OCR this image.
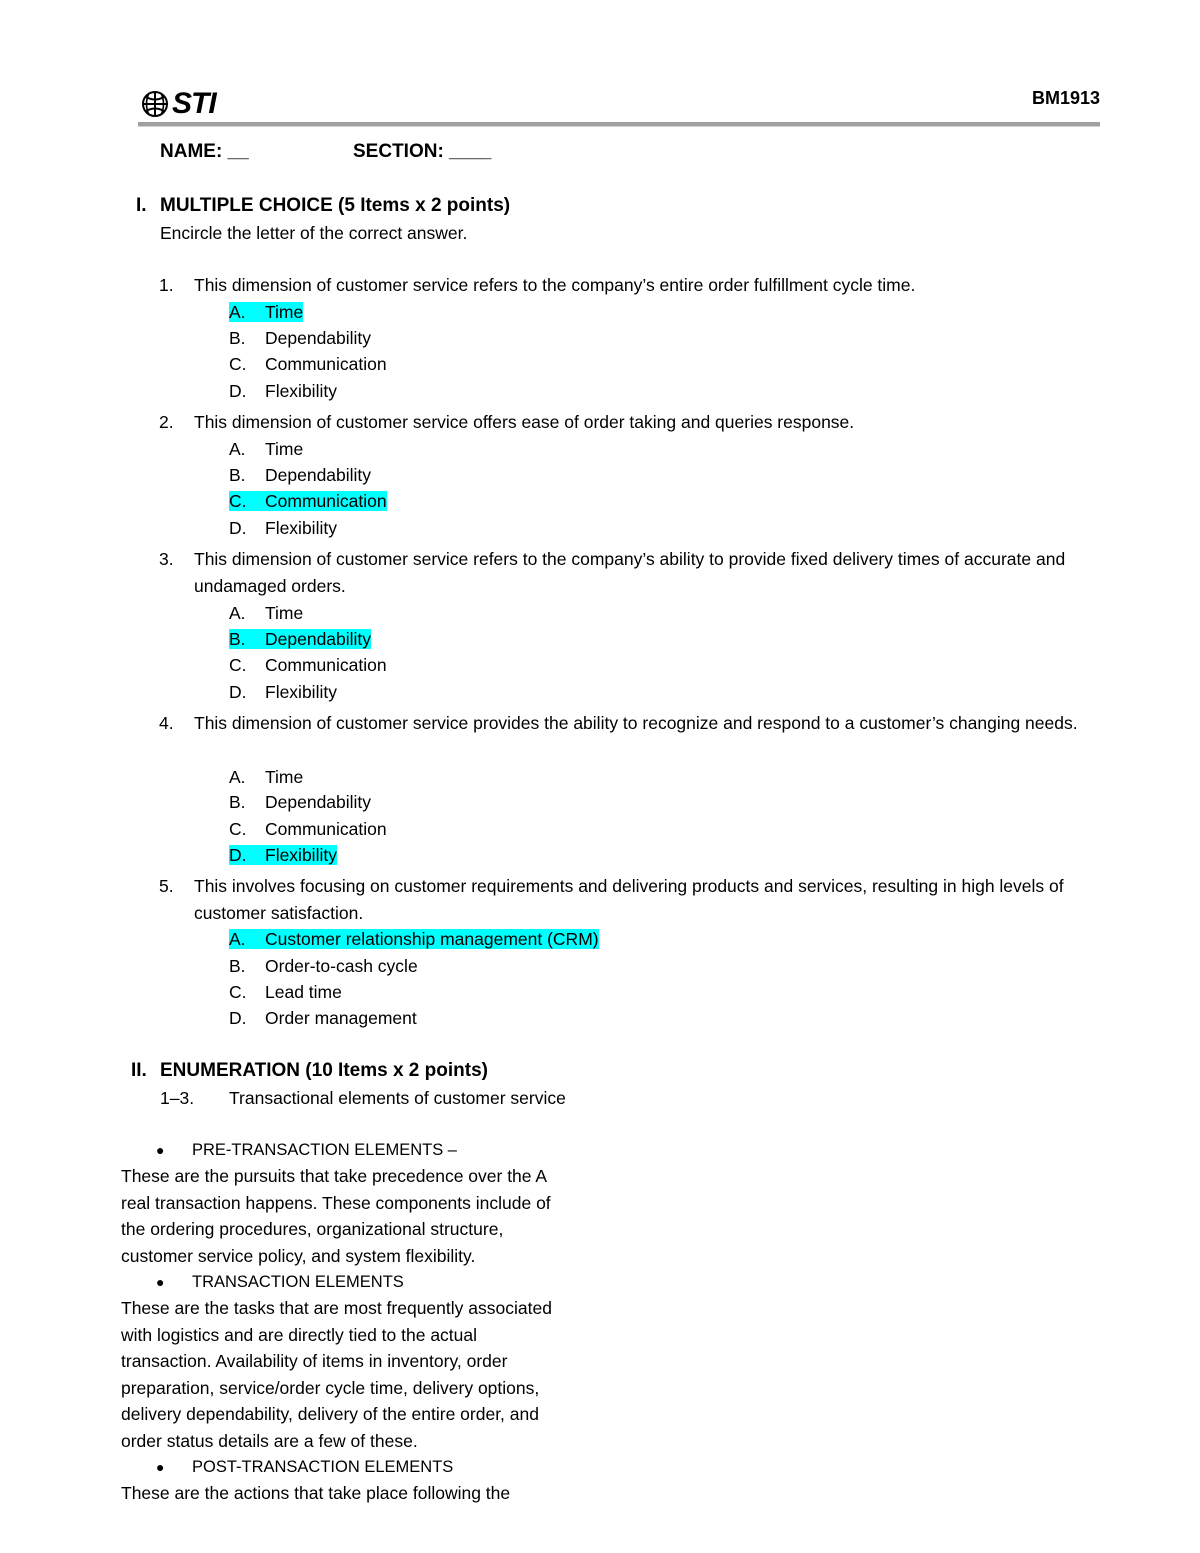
STI	BM1913
NAME: __	SECTION: ____
I. MULTIPLE CHOICE (5 Items x 2 points)
Encircle the letter of the correct answer.
1. This dimension of customer service refers to the company’s entire order fulfillment cycle time.
A. Time
B. Dependability
C. Communication
D. Flexibility
2. This dimension of customer service offers ease of order taking and queries response.
A. Time
B. Dependability
C. Communication
D. Flexibility
3. This dimension of customer service refers to the company’s ability to provide fixed delivery times of accurate and undamaged orders.
A. Time
B. Dependability
C. Communication
D. Flexibility
4. This dimension of customer service provides the ability to recognize and respond to a customer’s changing needs.
A. Time
B. Dependability
C. Communication
D. Flexibility
5. This involves focusing on customer requirements and delivering products and services, resulting in high levels of customer satisfaction.
A. Customer relationship management (CRM)
B. Order-to-cash cycle
C. Lead time
D. Order management
II. ENUMERATION (10 Items x 2 points)
1–3. Transactional elements of customer service
● PRE-TRANSACTION ELEMENTS –
These are the pursuits that take precedence over the A
real transaction happens. These components include of
the ordering procedures, organizational structure,
customer service policy, and system flexibility.
● TRANSACTION ELEMENTS
These are the tasks that are most frequently associated
with logistics and are directly tied to the actual
transaction. Availability of items in inventory, order
preparation, service/order cycle time, delivery options,
delivery dependability, delivery of the entire order, and
order status details are a few of these.
● POST-TRANSACTION ELEMENTS
These are the actions that take place following the
